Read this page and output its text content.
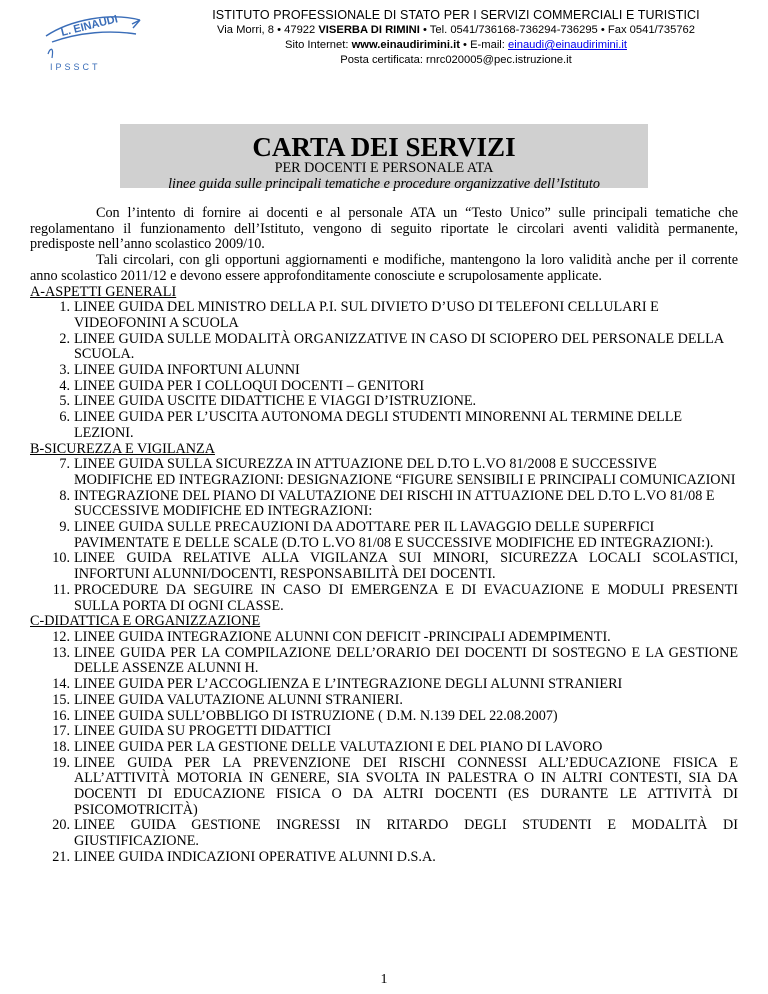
L. EINAUDI
IPSSCT
ISTITUTO PROFESSIONALE DI STATO PER I SERVIZI COMMERCIALI E TURISTICI
Via Morri, 8 • 47922 VISERBA DI RIMINI • Tel. 0541/736168-736294-736295 • Fax 0541/735762
Sito Internet: www.einaudirimini.it • E-mail: einaudi@einaudirimini.it
Posta certificata: rnrc020005@pec.istruzione.it
CARTA DEI SERVIZI
PER DOCENTI E PERSONALE ATA
linee guida sulle principali tematiche e procedure organizzative dell’Istituto

Con l’intento di fornire ai docenti e al personale ATA un “Testo Unico” sulle principali tematiche che regolamentano il funzionamento dell’Istituto, vengono di seguito riportate le circolari aventi validità permanente, predisposte nell’anno scolastico 2009/10.

Tali circolari, con gli opportuni aggiornamenti e modifiche, mantengono la loro validità anche per il corrente anno scolastico 2011/12 e devono essere approfonditamente conosciute e scrupolosamente applicate.

A-ASPETTI GENERALI
1. LINEE GUIDA DEL MINISTRO DELLA P.I. SUL DIVIETO D’USO DI TELEFONI CELLULARI E VIDEOFONINI A SCUOLA
2. LINEE GUIDA SULLE MODALITÀ ORGANIZZATIVE IN CASO DI SCIOPERO DEL PERSONALE DELLA SCUOLA.
3. LINEE GUIDA INFORTUNI ALUNNI
4. LINEE GUIDA PER I COLLOQUI DOCENTI – GENITORI
5. LINEE GUIDA USCITE DIDATTICHE E VIAGGI D’ISTRUZIONE.
6. LINEE GUIDA PER L’USCITA AUTONOMA DEGLI STUDENTI MINORENNI AL TERMINE DELLE LEZIONI.
B-SICUREZZA E VIGILANZA
7. LINEE GUIDA SULLA SICUREZZA IN ATTUAZIONE DEL D.TO L.VO 81/2008 E SUCCESSIVE MODIFICHE ED INTEGRAZIONI: DESIGNAZIONE “FIGURE SENSIBILI E PRINCIPALI COMUNICAZIONI
8. INTEGRAZIONE DEL PIANO DI VALUTAZIONE DEI RISCHI IN ATTUAZIONE DEL D.TO L.VO 81/08 E SUCCESSIVE MODIFICHE ED INTEGRAZIONI:
9. LINEE GUIDA SULLE PRECAUZIONI DA ADOTTARE PER IL LAVAGGIO DELLE SUPERFICI PAVIMENTATE E DELLE SCALE (D.TO L.VO 81/08 E SUCCESSIVE MODIFICHE ED INTEGRAZIONI:).
10. LINEE GUIDA RELATIVE ALLA VIGILANZA SUI MINORI, SICUREZZA LOCALI SCOLASTICI, INFORTUNI ALUNNI/DOCENTI, RESPONSABILITÀ DEI DOCENTI.
11. PROCEDURE DA SEGUIRE IN CASO DI EMERGENZA E DI EVACUAZIONE E MODULI PRESENTI SULLA PORTA DI OGNI CLASSE.
C-DIDATTICA E ORGANIZZAZIONE
12. LINEE GUIDA INTEGRAZIONE ALUNNI CON DEFICIT -PRINCIPALI ADEMPIMENTI.
13. LINEE GUIDA PER LA COMPILAZIONE DELL’ORARIO DEI DOCENTI DI SOSTEGNO E LA GESTIONE DELLE ASSENZE ALUNNI H.
14. LINEE GUIDA PER L’ACCOGLIENZA E L’INTEGRAZIONE DEGLI ALUNNI STRANIERI
15. LINEE GUIDA VALUTAZIONE ALUNNI STRANIERI.
16. LINEE GUIDA SULL’OBBLIGO DI ISTRUZIONE ( D.M. N.139 DEL 22.08.2007)
17. LINEE GUIDA SU PROGETTI DIDATTICI
18. LINEE GUIDA PER LA GESTIONE DELLE VALUTAZIONI E DEL PIANO DI LAVORO
19. LINEE GUIDA PER LA PREVENZIONE DEI RISCHI CONNESSI ALL’EDUCAZIONE FISICA E ALL’ATTIVITÀ MOTORIA IN GENERE, SIA SVOLTA IN PALESTRA O IN ALTRI CONTESTI, SIA DA DOCENTI DI EDUCAZIONE FISICA O DA ALTRI DOCENTI (ES DURANTE LE ATTIVITÀ DI PSICOMOTRICITÀ)
20. LINEE GUIDA GESTIONE INGRESSI IN RITARDO DEGLI STUDENTI E MODALITÀ DI GIUSTIFICAZIONE.
21. LINEE GUIDA INDICAZIONI OPERATIVE ALUNNI D.S.A.
1
